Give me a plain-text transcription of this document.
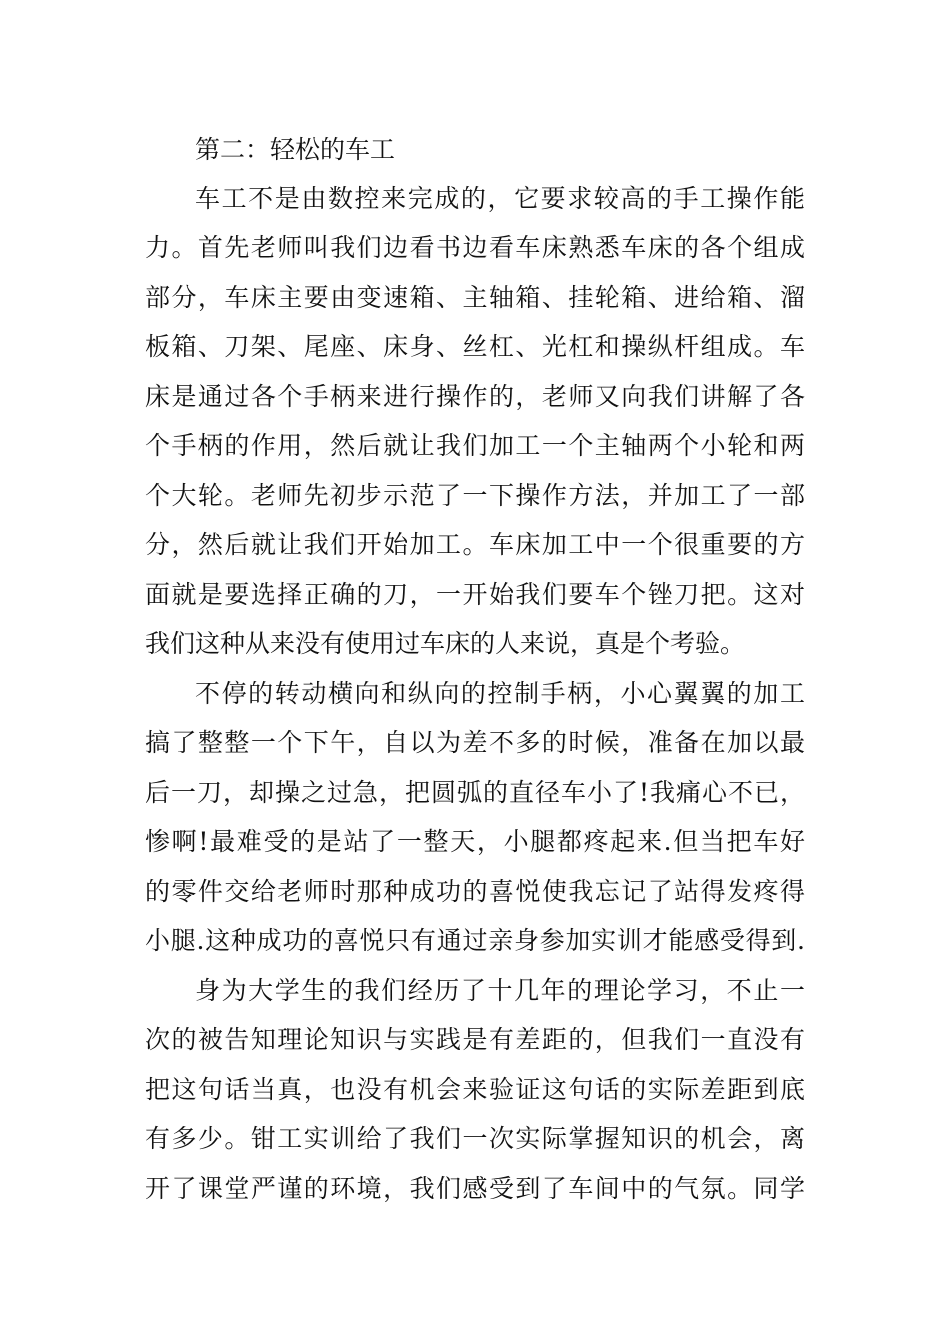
第二：轻松的车工
车工不是由数控来完成的，它要求较高的手工操作能
力。首先老师叫我们边看书边看车床熟悉车床的各个组成
部分，车床主要由变速箱、主轴箱、挂轮箱、进给箱、溜
板箱、刀架、尾座、床身、丝杠、光杠和操纵杆组成。车
床是通过各个手柄来进行操作的，老师又向我们讲解了各
个手柄的作用，然后就让我们加工一个主轴两个小轮和两
个大轮。老师先初步示范了一下操作方法，并加工了一部
分，然后就让我们开始加工。车床加工中一个很重要的方
面就是要选择正确的刀，一开始我们要车个锉刀把。这对
我们这种从来没有使用过车床的人来说，真是个考验。
不停的转动横向和纵向的控制手柄，小心翼翼的加工
搞了整整一个下午，自以为差不多的时候，准备在加以最
后一刀，却操之过急，把圆弧的直径车小了!我痛心不已，
惨啊!最难受的是站了一整天，小腿都疼起来.但当把车好
的零件交给老师时那种成功的喜悦使我忘记了站得发疼得
小腿.这种成功的喜悦只有通过亲身参加实训才能感受得到.
身为大学生的我们经历了十几年的理论学习，不止一
次的被告知理论知识与实践是有差距的，但我们一直没有
把这句话当真，也没有机会来验证这句话的实际差距到底
有多少。钳工实训给了我们一次实际掌握知识的机会，离
开了课堂严谨的环境，我们感受到了车间中的气氛。同学
